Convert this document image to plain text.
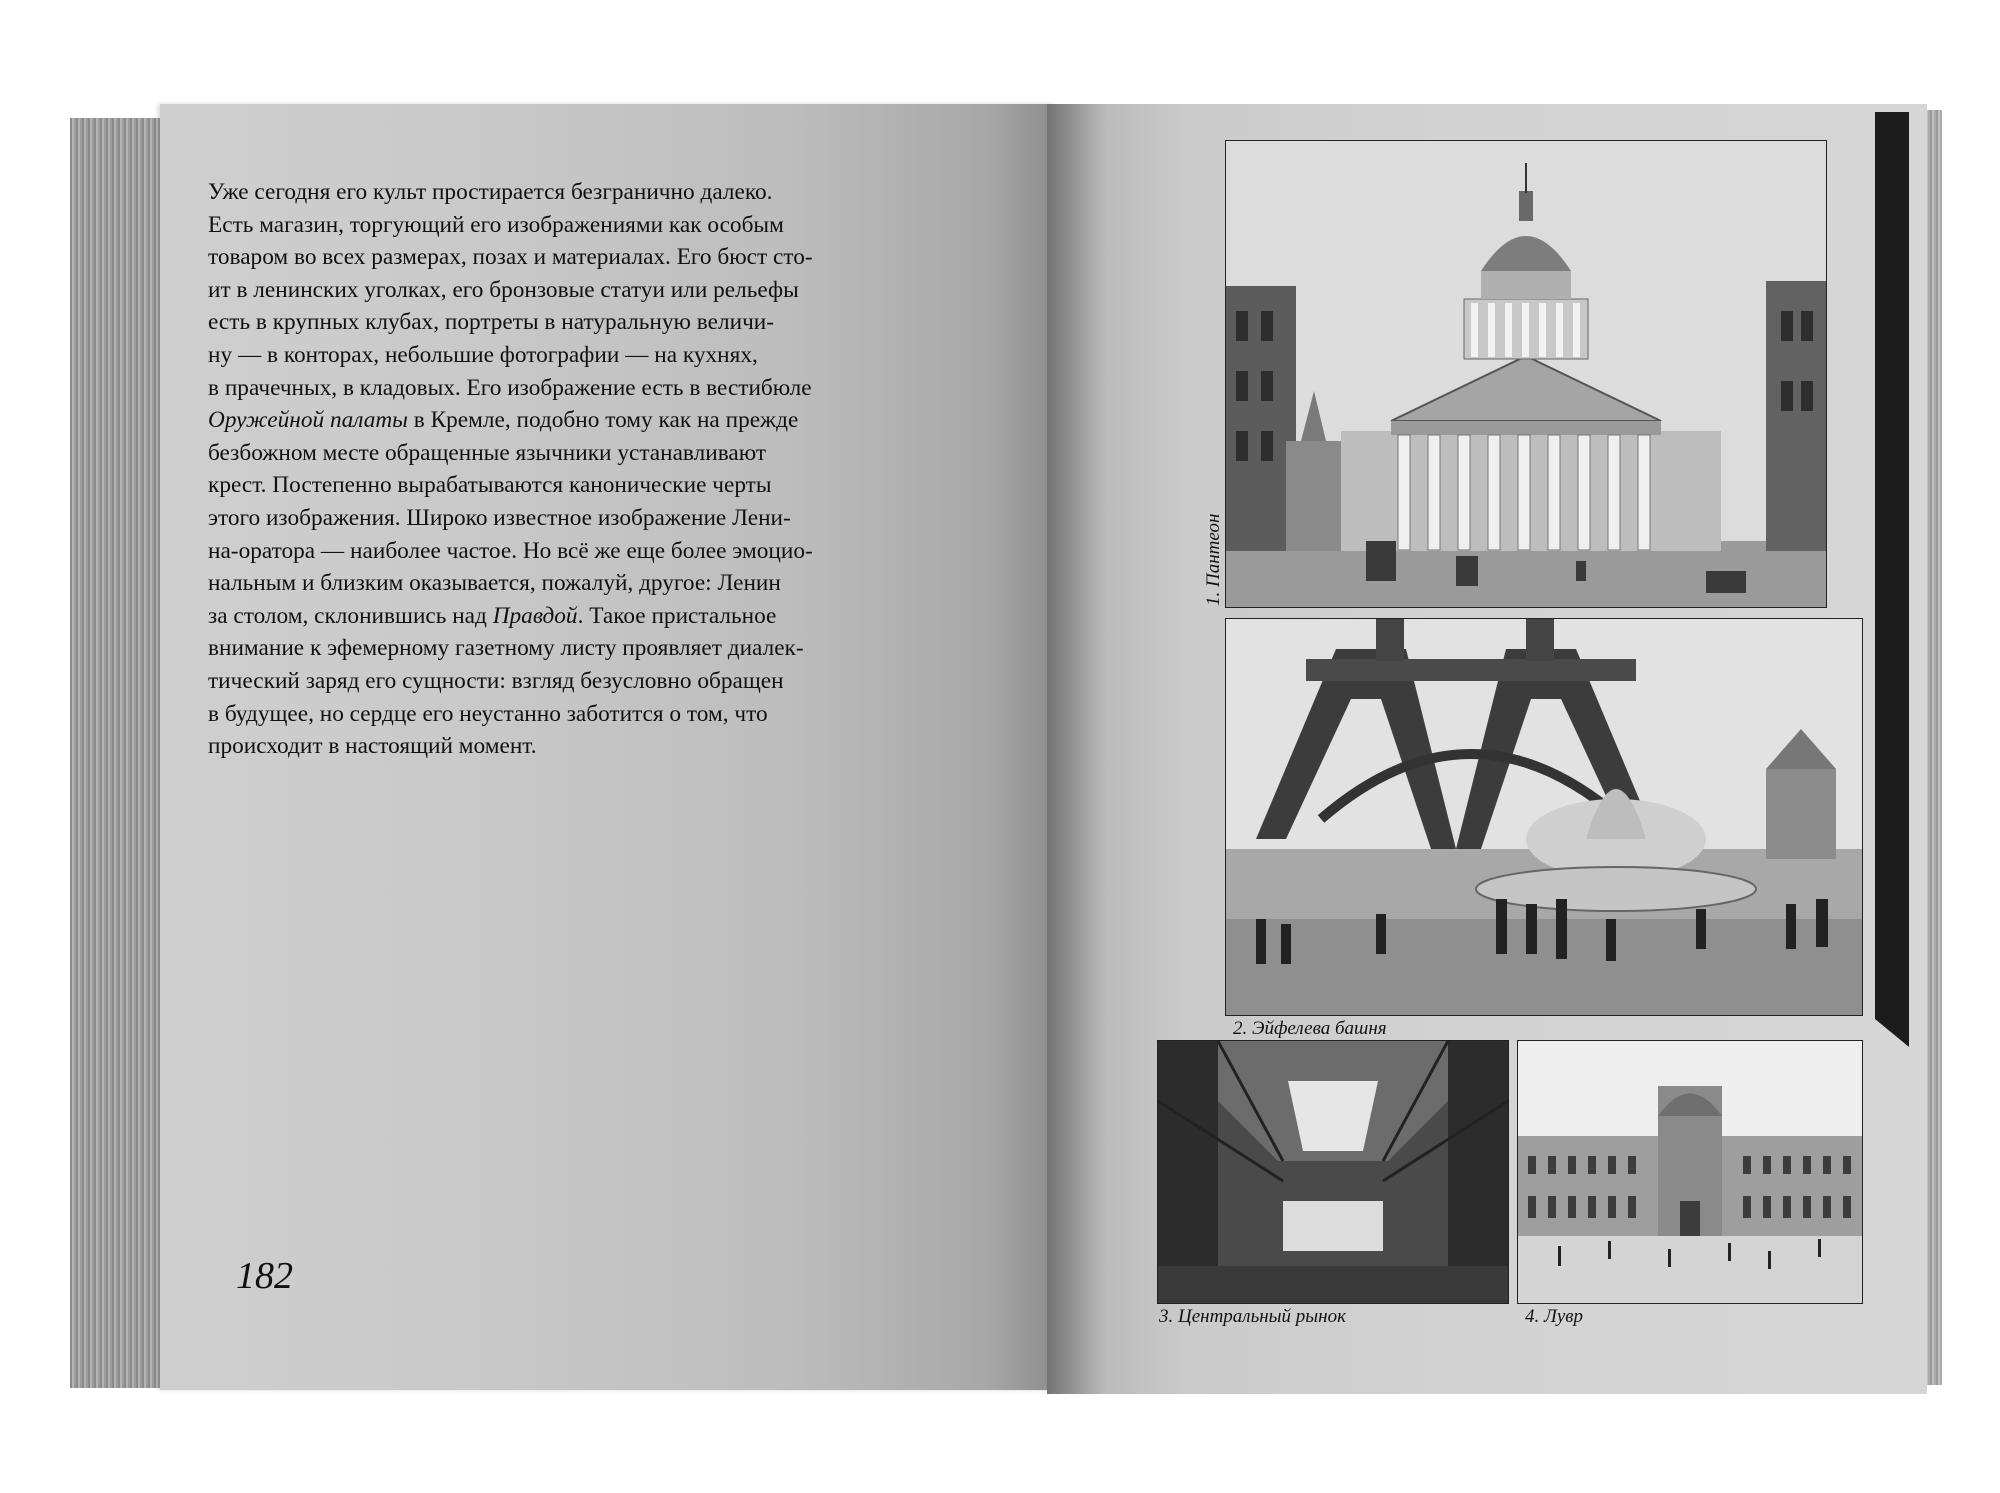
Уже сегодня его культ простирается безгранично далеко.
Есть магазин, торгующий его изображениями как особым
товаром во всех размерах, позах и материалах. Его бюст сто-
ит в ленинских уголках, его бронзовые статуи или рельефы
есть в крупных клубах, портреты в натуральную величи-
ну — в конторах, небольшие фотографии — на кухнях,
в прачечных, в кладовых. Его изображение есть в вестибюле
Оружейной палаты в Кремле, подобно тому как на прежде
безбожном месте обращенные язычники устанавливают
крест. Постепенно вырабатываются канонические черты
этого изображения. Широко известное изображение Лени-
на-оратора — наиболее частое. Но всё же еще более эмоцио-
нальным и близким оказывается, пожалуй, другое: Ленин
за столом, склонившись над Правдой. Такое пристальное
внимание к эфемерному газетному листу проявляет диалек-
тический заряд его сущности: взгляд безусловно обращен
в будущее, но сердце его неустанно заботится о том, что
происходит в настоящий момент.
182
1. Пантеон
2. Эйфелева башня
3. Центральный рынок	4. Лувр
